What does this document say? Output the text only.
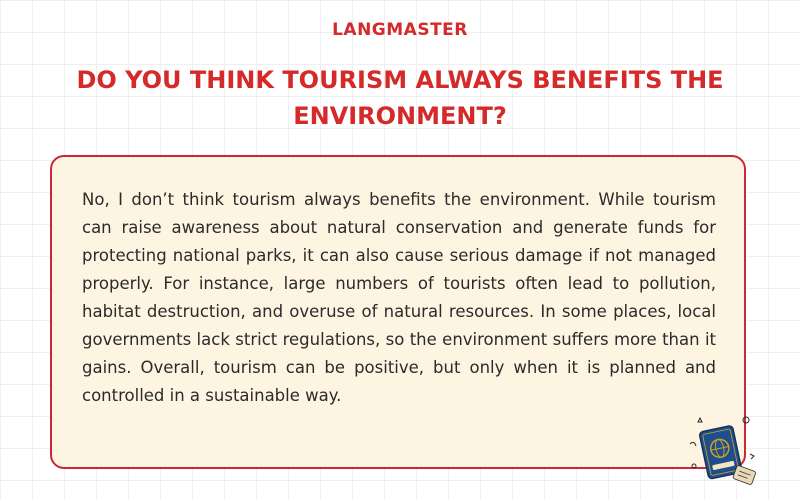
LANGMASTER
DO YOU THINK TOURISM ALWAYS BENEFITS THE ENVIRONMENT?

No, I don’t think tourism always benefits the environment. While tourism can raise awareness about natural conservation and generate funds for protecting national parks, it can also cause serious damage if not managed properly. For instance, large numbers of tourists often lead to pollution, habitat destruction, and overuse of natural resources. In some places, local governments lack strict regulations, so the environment suffers more than it gains. Overall, tourism can be positive, but only when it is planned and controlled in a sustainable way.
